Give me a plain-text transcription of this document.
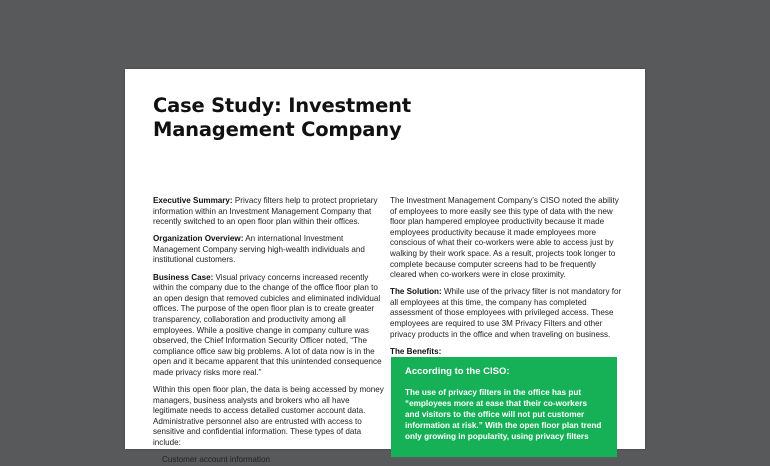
Case Study: Investment
Management Company

Executive Summary: Privacy filters help to protect proprietary information within an Investment Management Company that recently switched to an open floor plan within their offices.

Organization Overview: An international Investment Management Company serving high-wealth individuals and institutional customers.

Business Case: Visual privacy concerns increased recently within the company due to the change of the office floor plan to an open design that removed cubicles and eliminated individual offices. The purpose of the open floor plan is to create greater transparency, collaboration and productivity among all employees. While a positive change in company culture was observed, the Chief Information Security Officer noted, “The compliance office saw big problems. A lot of data now is in the open and it became apparent that this unintended consequence made privacy risks more real.”

Within this open floor plan, the data is being accessed by money managers, business analysts and brokers who all have legitimate needs to access detailed customer account data. Administrative personnel also are entrusted with access to sensitive and confidential information. These types of data include:

· Customer account information

The Investment Management Company’s CISO noted the ability of employees to more easily see this type of data with the new floor plan hampered employee productivity because it made employees productivity because it made employees more conscious of what their co-workers were able to access just by walking by their work space. As a result, projects took longer to complete because computer screens had to be frequently cleared when co-workers were in close proximity.

The Solution: While use of the privacy filter is not mandatory for all employees at this time, the company has completed assessment of those employees with privileged access. These employees are required to use 3M Privacy Filters and other privacy products in the office and when traveling on business.

The Benefits:

According to the CISO:

The use of privacy filters in the office has put “employees more at ease that their co-workers and visitors to the office will not put customer information at risk.” With the open floor plan trend only growing in popularity, using privacy filters
